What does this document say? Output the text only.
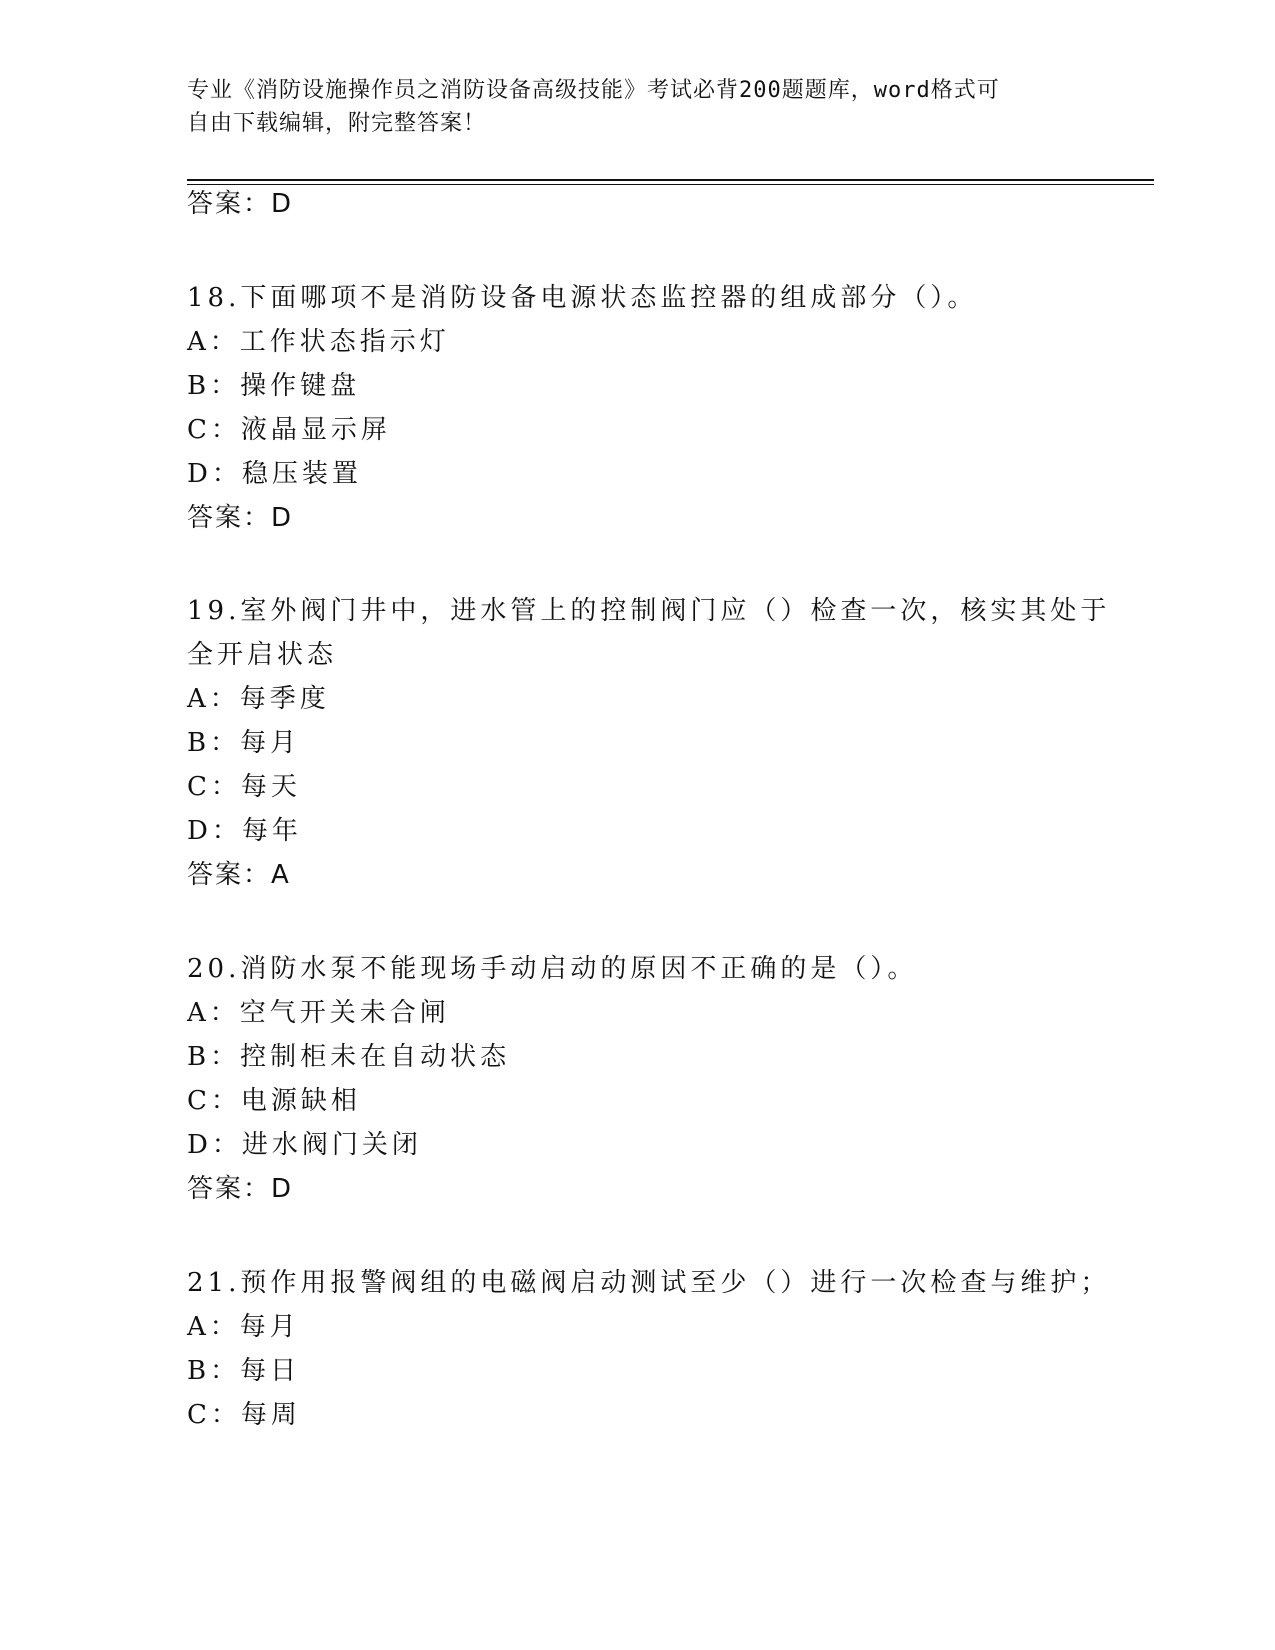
专业《消防设施操作员之消防设备高级技能》考试必背200题题库，word格式可
自由下载编辑，附完整答案！
答案：D
18.下面哪项不是消防设备电源状态监控器的组成部分（）。
A：工作状态指示灯
B：操作键盘
C：液晶显示屏
D：稳压装置
答案：D
19.室外阀门井中，进水管上的控制阀门应（）检查一次，核实其处于
全开启状态
A：每季度
B：每月
C：每天
D：每年
答案：A
20.消防水泵不能现场手动启动的原因不正确的是（）。
A：空气开关未合闸
B：控制柜未在自动状态
C：电源缺相
D：进水阀门关闭
答案：D
21.预作用报警阀组的电磁阀启动测试至少（）进行一次检查与维护；
A：每月
B：每日
C：每周
